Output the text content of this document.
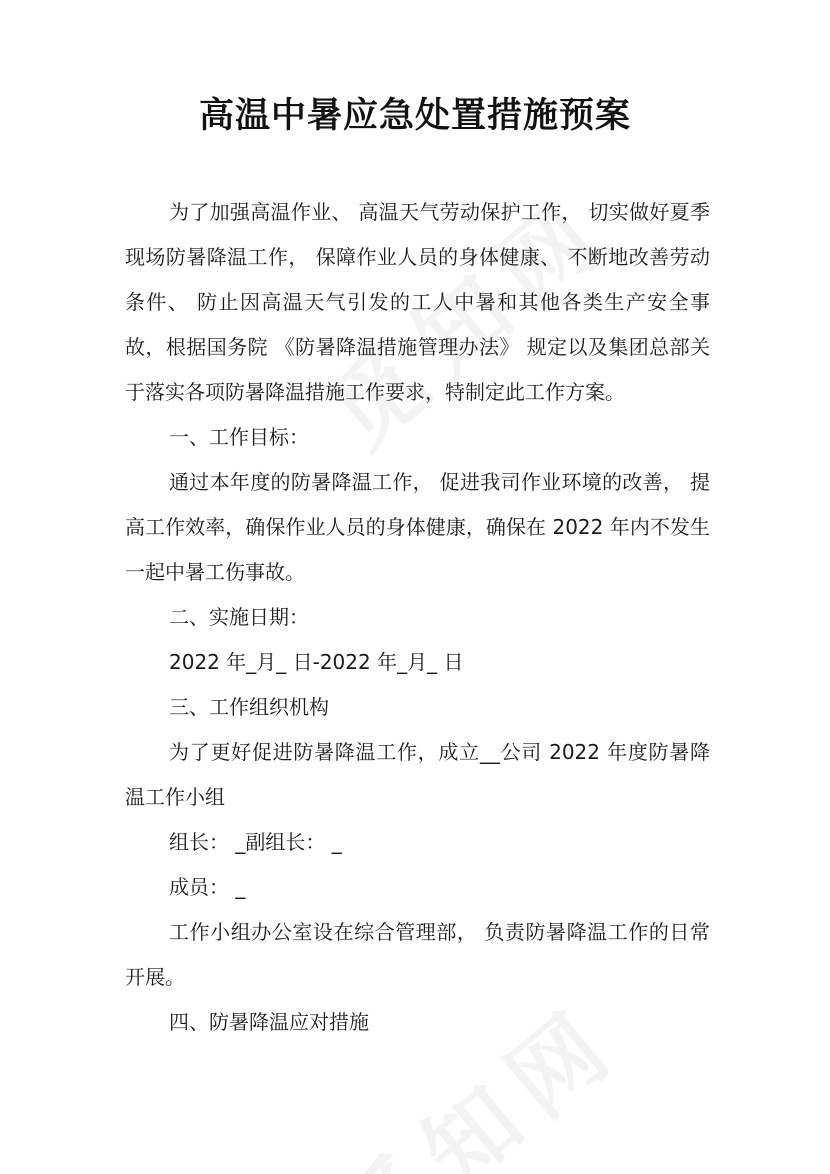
高温中暑应急处置措施预案

为了加强高温作业、 高温天气劳动保护工作， 切实做好夏季现场防暑降温工作， 保障作业人员的身体健康、 不断地改善劳动条件、 防止因高温天气引发的工人中暑和其他各类生产安全事故，根据国务院 《防暑降温措施管理办法》 规定以及集团总部关于落实各项防暑降温措施工作要求，特制定此工作方案。

一、工作目标：

通过本年度的防暑降温工作， 促进我司作业环境的改善， 提高工作效率，确保作业人员的身体健康，确保在 2022 年内不发生一起中暑工伤事故。

二、实施日期：

2022 年_月_ 日-2022 年_月_ 日

三、工作组织机构

为了更好促进防暑降温工作，成立__公司 2022 年度防暑降温工作小组

组长： _副组长： _

成员： _

工作小组办公室设在综合管理部， 负责防暑降温工作的日常开展。

四、防暑降温应对措施
